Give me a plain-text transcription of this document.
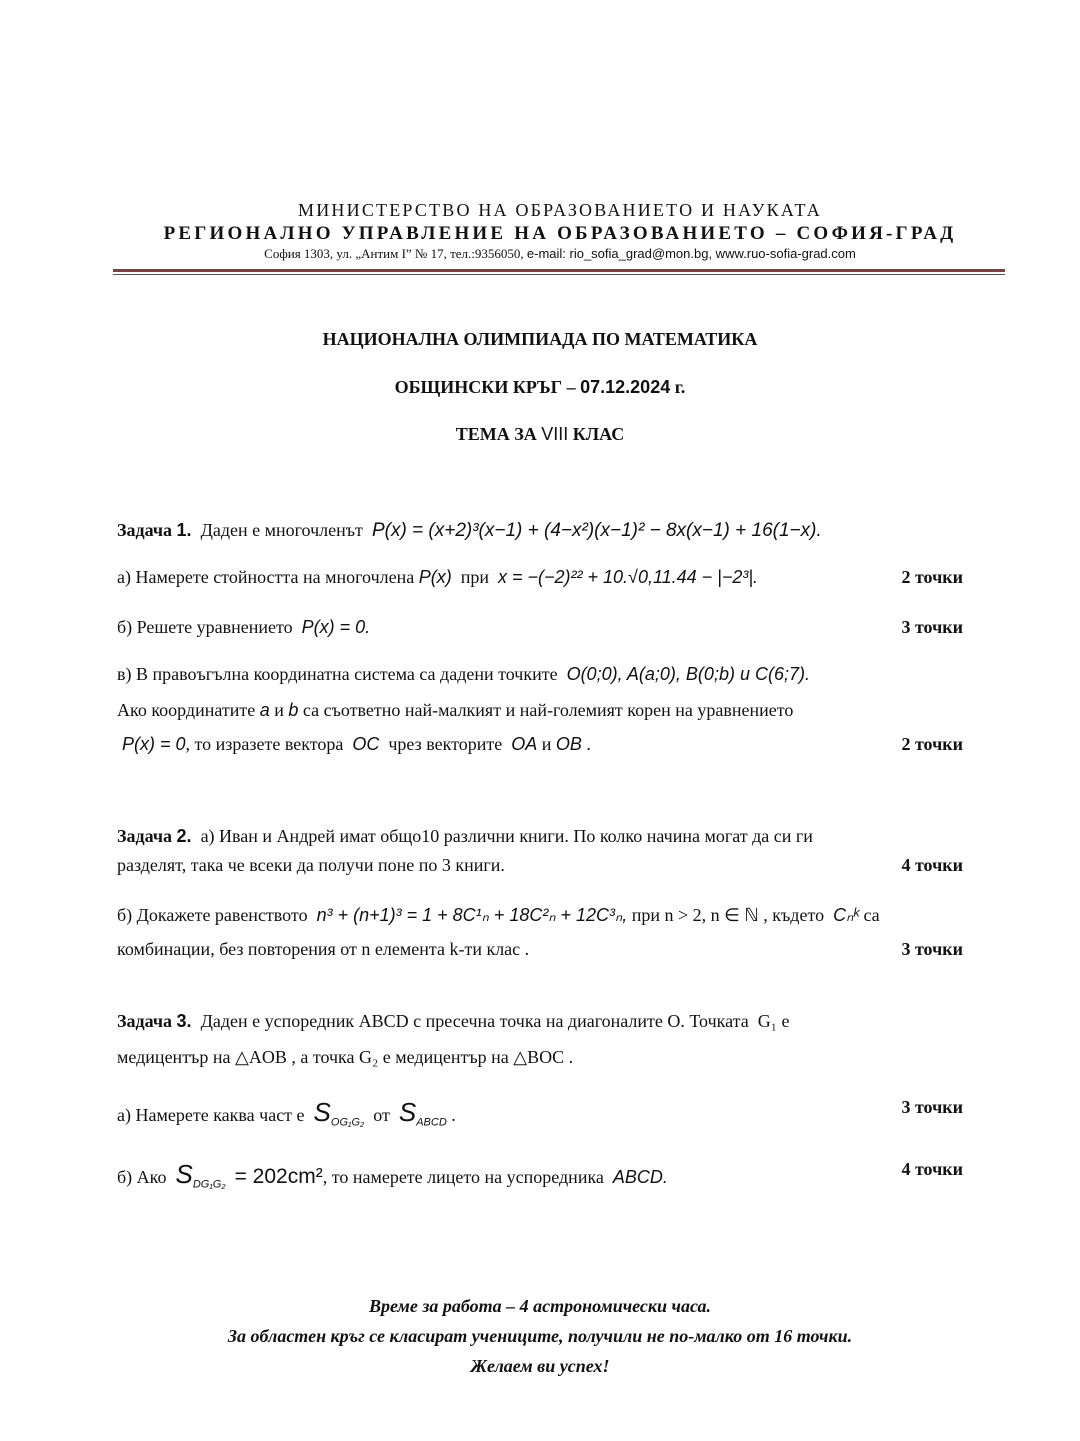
МИНИСТЕРСТВО НА ОБРАЗОВАНИЕТО И НАУКАТА
РЕГИОНАЛНО УПРАВЛЕНИЕ НА ОБРАЗОВАНИЕТО – СОФИЯ-ГРАД
София 1303, ул. „Антим I” № 17, тел.:9356050, e-mail: rio_sofia_grad@mon.bg, www.ruo-sofia-grad.com
НАЦИОНАЛНА ОЛИМПИАДА ПО МАТЕМАТИКА
ОБЩИНСКИ КРЪГ – 07.12.2024 г.
ТЕМА ЗА VIII КЛАС
Задача 1. Даден е многочленът P(x) = (x+2)³(x−1) + (4−x²)(x−1)² − 8x(x−1) + 16(1−x).
а) Намерете стойността на многочлена P(x) при x = −(−2)²² + 10.√0,11.44 − |−2³|.	2 точки
б) Решете уравнението P(x) = 0.	3 точки
в) В правоъгълна координатна система са дадени точките O(0;0), A(a;0), B(0;b) и C(6;7).
Ако координатите a и b са съответно най-малкият и най-големият корен на уравнението
P(x) = 0, то изразете вектора OC чрез векторите OA и OB .	2 точки
Задача 2. а) Иван и Андрей имат общо10 различни книги. По колко начина могат да си ги
разделят, така че всеки да получи поне по 3 книги.	4 точки
б) Докажете равенството n³ + (n+1)³ = 1 + 8C¹ₙ + 18C²ₙ + 12C³ₙ, при n > 2, n ∈ ℕ , където Cₙᵏ са
комбинации, без повторения от n елемента k-ти клас .	3 точки
Задача 3. Даден е успоредник ABCD с пресечна точка на диагоналите O. Точката G₁ е
медицентър на △AOB , а точка G₂ е медицентър на △BOC .
а) Намерете каква част е $S_{OG_1G_2}$ от $S_{ABCD}$ .	3 точки
б) Ако $S_{DG_1G_2} = 202cm^2$, то намерете лицето на успоредника ABCD.	4 точки
Време за работа – 4 астрономически часа.
За областен кръг се класират учениците, получили не по-малко от 16 точки.
Желаем ви успех!
